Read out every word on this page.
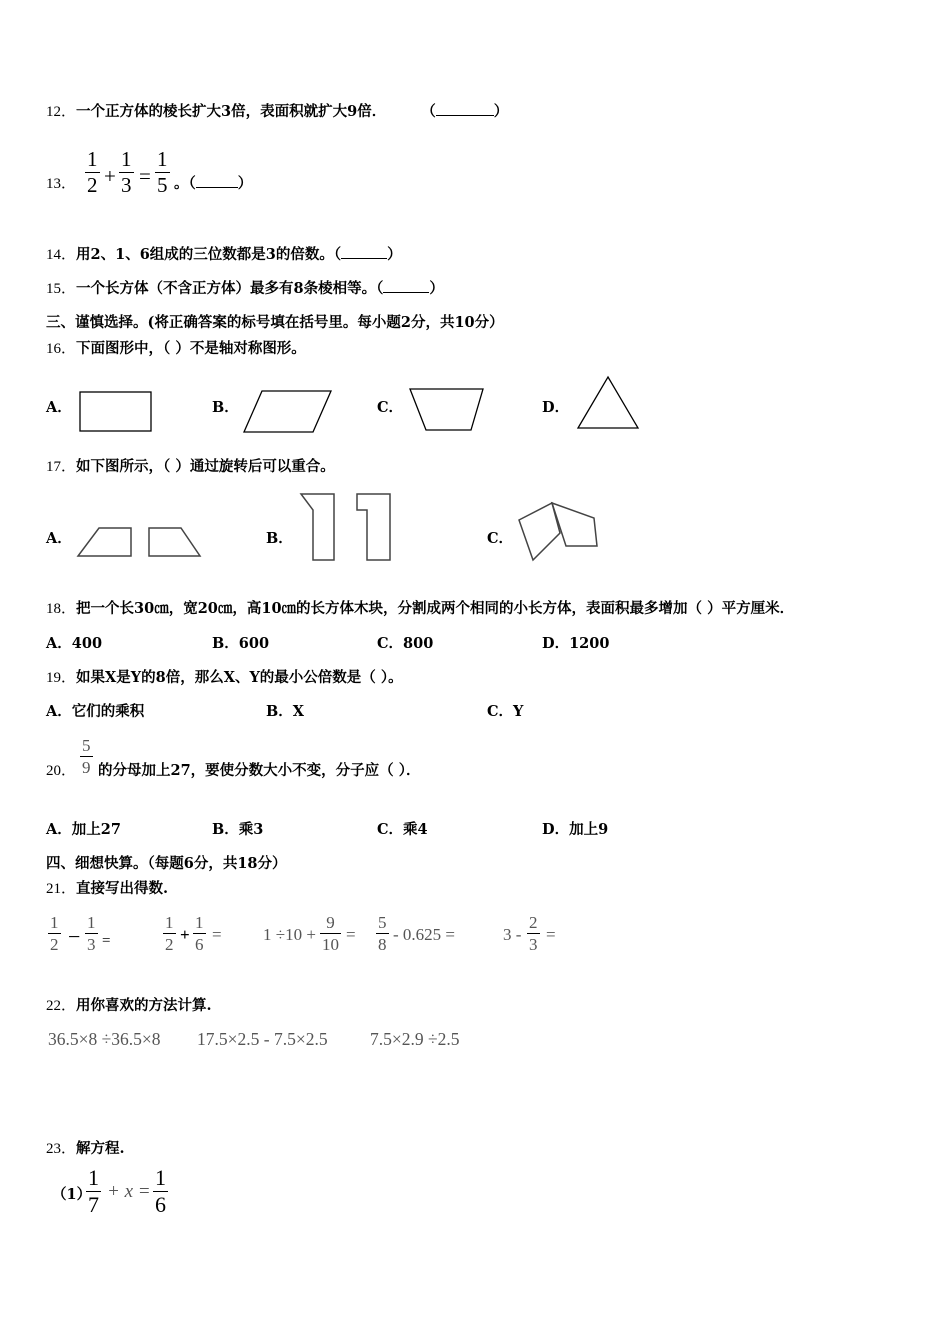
12．一个正方体的棱长扩大3倍，表面积就扩大9倍． （	）
13．
1
2 +
1
3 =
1
5 。（	）
14．用2、1、6组成的三位数都是3的倍数。（	）
15．一个长方体（不含正方体）最多有8条棱相等。（	）
三、谨慎选择。(将正确答案的标号填在括号里。每小题2分，共10分）
16．下面图形中，（ ）不是轴对称图形。
A．	B．	C．	D．
17．如下图所示，（ ）通过旋转后可以重合。
A．	B．	C．
18．把一个长30㎝，宽20㎝，高10㎝的长方体木块，分割成两个相同的小长方体，表面积最多增加（ ）平方厘米．
A．400	B．600	C．800	D．1200
19．如果X是Y的8倍，那么X、Y的最小公倍数是（ ）。
A．它们的乘积	B．X	C．Y
20．
5
9 的分母加上27，要使分数大小不变，分子应（ ）．
A．加上27	B．乘3	C．乘4	D．加上9
四、细想快算。（每题6分，共18分）
21．直接写出得数.
1
2 −
1
3 =
1
2
+
1
6
= 1 ÷10 +
9
10
=
5
8
- 0.625 =	3 -
2
3
=
22．用你喜欢的方法计算.
36.5×8 ÷36.5×8 17.5×2.5 - 7.5×2.5 7.5×2.9 ÷2.5
23．解方程.
（1）
1
7
+ x =
1
6
